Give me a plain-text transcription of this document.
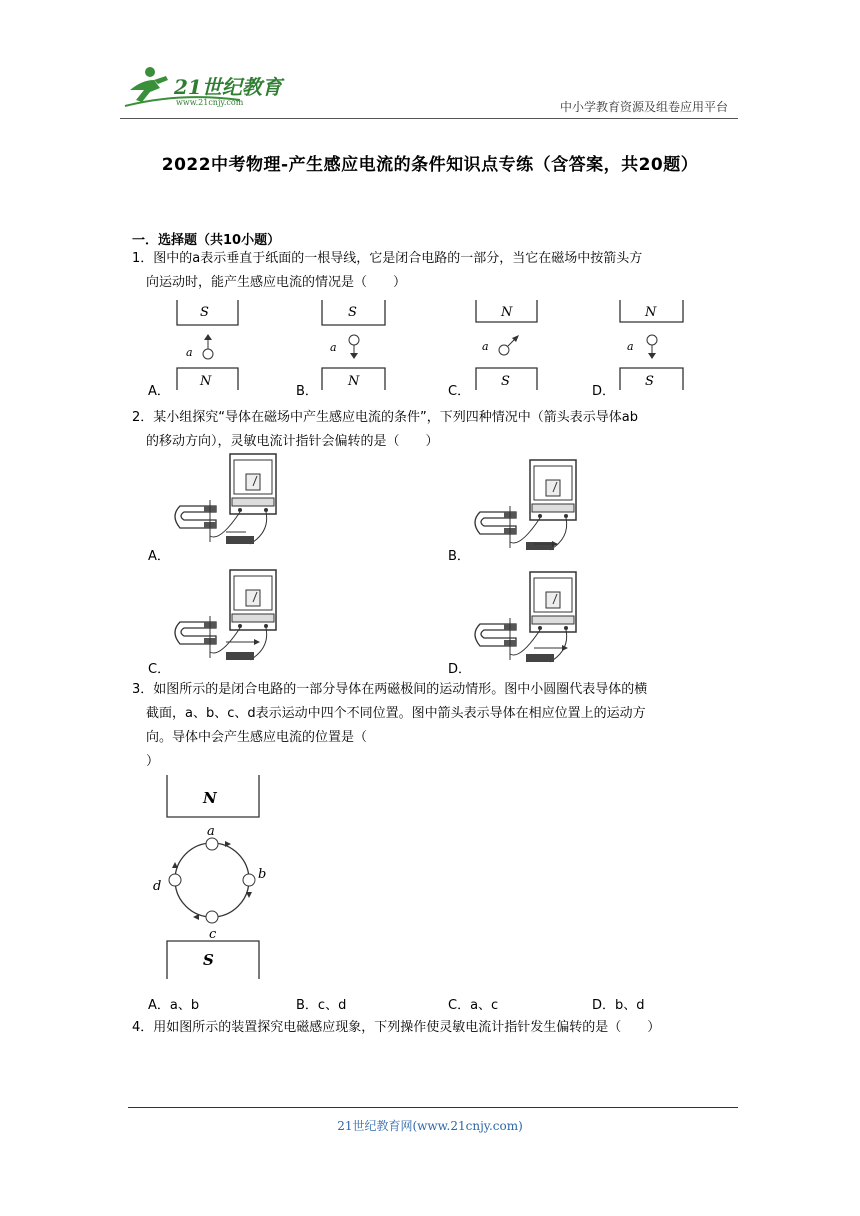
21世纪教育
www.21cnjy.com	中小学教育资源及组卷应用平台
2022中考物理-产生感应电流的条件知识点专练（含答案，共20题）
一．选择题（共10小题）
1．图中的a表示垂直于纸面的一根导线，它是闭合电路的一部分，当它在磁场中按箭头方
向运动时，能产生感应电流的情况是（　　）
S
N
a
S
N
a
N
S
a
N
S
a
A．	B．	C．	D．
2．某小组探究“导体在磁场中产生感应电流的条件”，下列四种情况中（箭头表示导体ab
的移动方向），灵敏电流计指针会偏转的是（　　）
A．	B．
C．	D．
3．如图所示的是闭合电路的一部分导体在两磁极间的运动情形。图中小圆圈代表导体的横
截面，a、b、c、d表示运动中四个不同位置。图中箭头表示导体在相应位置上的运动方
向。导体中会产生感应电流的位置是（
）
N
S
a
b
c
d
A．a、b	B．c、d	C．a、c	D．b、d
4．用如图所示的装置探究电磁感应现象，下列操作使灵敏电流计指针发生偏转的是（　　）
21世纪教育网(www.21cnjy.com)
